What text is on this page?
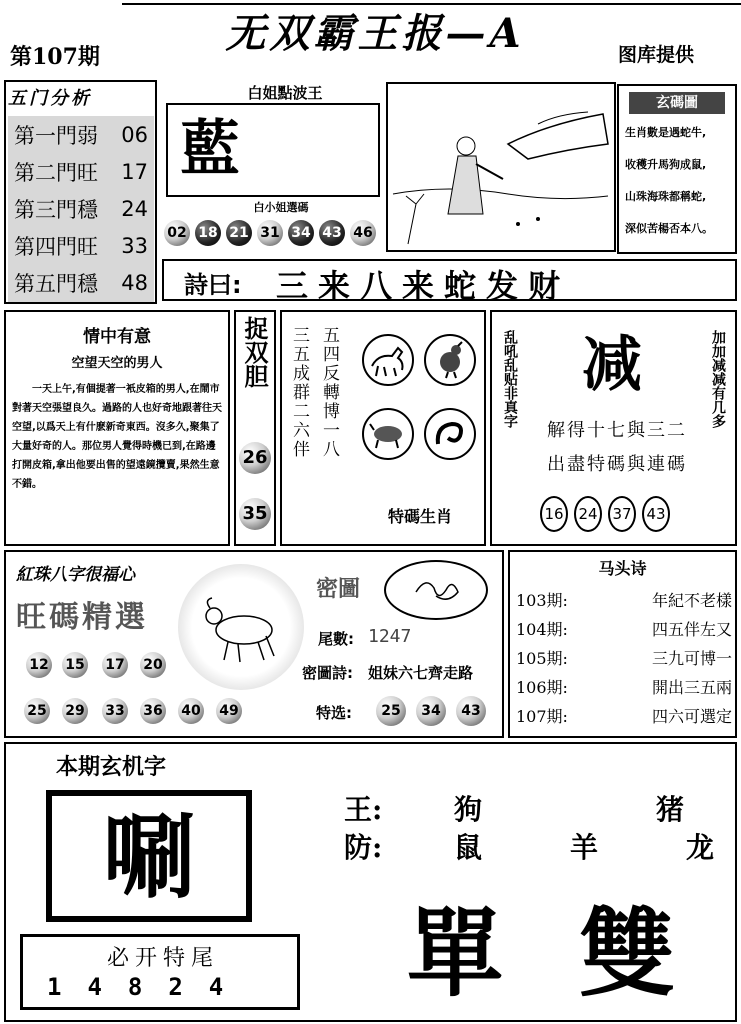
无双霸王报—A
第107期	图库提供
五门分析
第一門弱 06
第二門旺 17
第三門穩 24
第四門旺 33
第五門穩 48
白姐點波王
藍
白小姐選碼
02 18 21 31 34 43 46
玄碼圖
生肖數是遇蛇牛,
收穫升馬狗成鼠,
山珠海珠都稱蛇,
深似苦楊否本八。
詩曰: 三来八来蛇发财
情中有意
空望天空的男人
一天上午,有個提著一衹皮箱的男人,在鬧市對著天空張望良久。過路的人也好奇地跟著往天空望,以爲天上有什麽新奇東西。沒多久,聚集了大量好奇的人。那位男人覺得時機已到,在路邊打開皮箱,拿出他要出售的望遠鏡攬賣,果然生意不錯。
捉双胆
26
35
三五成群二六伴 五四反轉博一八
特碼生肖
乱吼乱贴非真字	加加减减有几多
减
解得十七與三二
出盡特碼與連碼
16 24 37 43
紅珠八字很福心
旺碼精選
12 15 17 20
25 29 33 36 40 49
密圖
尾數: 1247
密圖詩: 姐妹六七齊走路
特选:	25	34	43
马头诗
103期:	年紀不老樣
104期:	四五伴左又
105期:	三九可博一
106期:	開出三五兩
107期:	四六可選定
本期玄机字
唰
必开特尾
14824
王:	狗	猪
防:	鼠	羊	龙
單 雙
